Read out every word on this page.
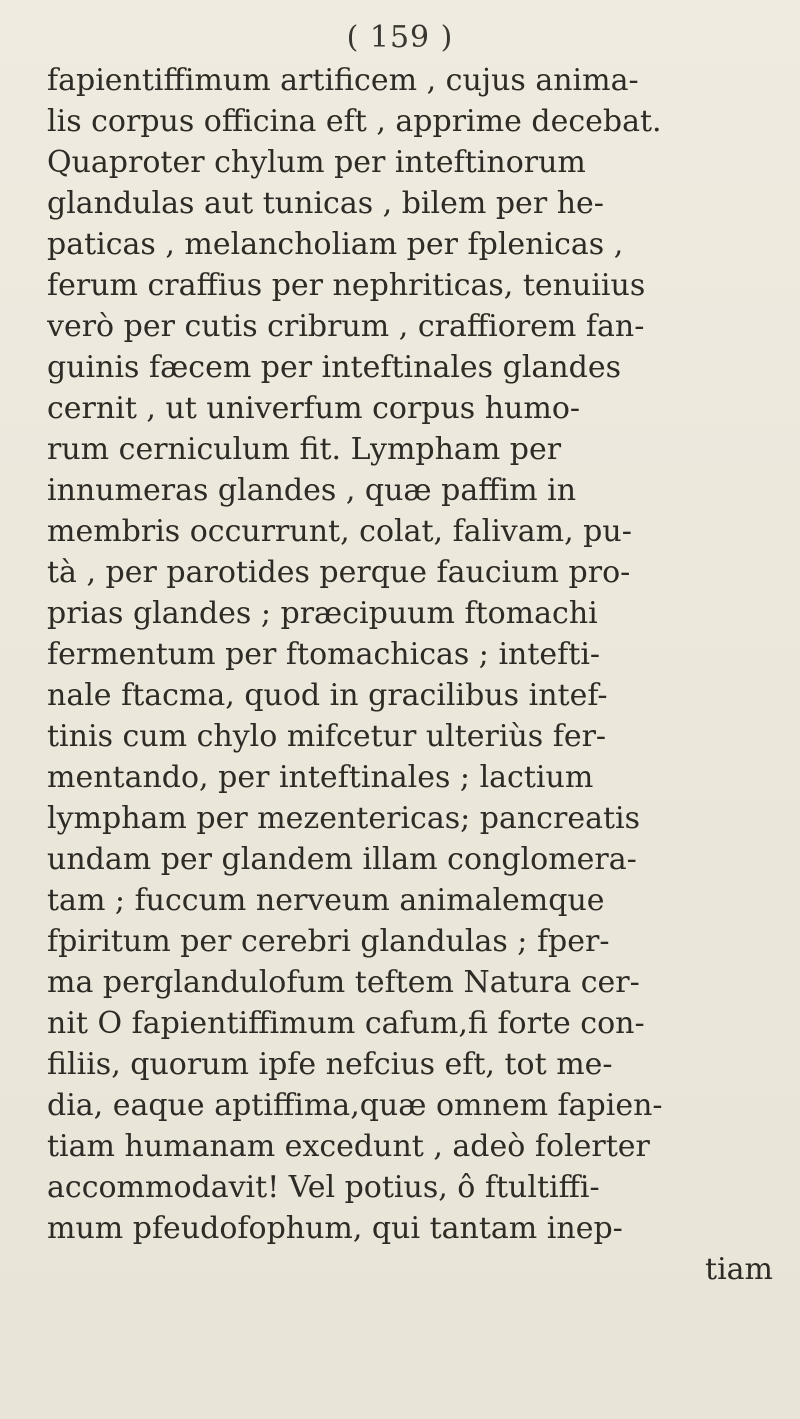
( 159 )
fapientiffimum artificem , cujus anima-
lis corpus officina eft , apprime decebat.
Quaproter chylum per inteftinorum
glandulas aut tunicas , bilem per he-
paticas , melancholiam per fplenicas ,
ferum craffius per nephriticas, tenuiius
verò per cutis cribrum , craffiorem fan-
guinis fæcem per inteftinales glandes
cernit , ut univerfum corpus humo-
rum cerniculum fit. Lympham per
innumeras glandes , quæ paffim in
membris occurrunt, colat, falivam, pu-
tà , per parotides perque faucium pro-
prias glandes ; præcipuum ftomachi
fermentum per ftomachicas ; intefti-
nale ftacma, quod in gracilibus intef-
tinis cum chylo mifcetur ulteriùs fer-
mentando, per inteftinales ; lactium
lympham per mezentericas; pancreatis
undam per glandem illam conglomera-
tam ; fuccum nerveum animalemque
fpiritum per cerebri glandulas ; fper-
ma perglandulofum teftem Natura cer-
nit O fapientiffimum cafum,fi forte con-
filiis, quorum ipfe nefcius eft, tot me-
dia, eaque aptiffima,quæ omnem fapien-
tiam humanam excedunt , adeò folerter
accommodavit! Vel potius, ô ftultiffi-
mum pfeudofophum, qui tantam inep-
tiam
